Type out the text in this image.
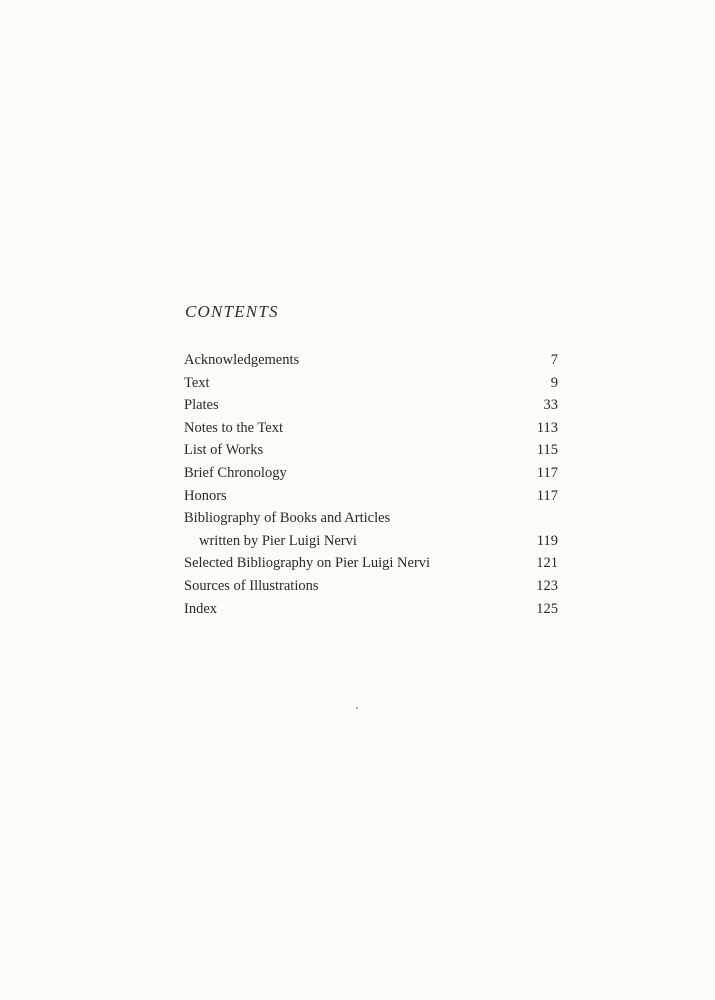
CONTENTS
Acknowledgements	7
Text	9
Plates	33
Notes to the Text	113
List of Works	115
Brief Chronology	117
Honors	117
Bibliography of Books and Articles
written by Pier Luigi Nervi	119
Selected Bibliography on Pier Luigi Nervi	121
Sources of Illustrations	123
Index	125
